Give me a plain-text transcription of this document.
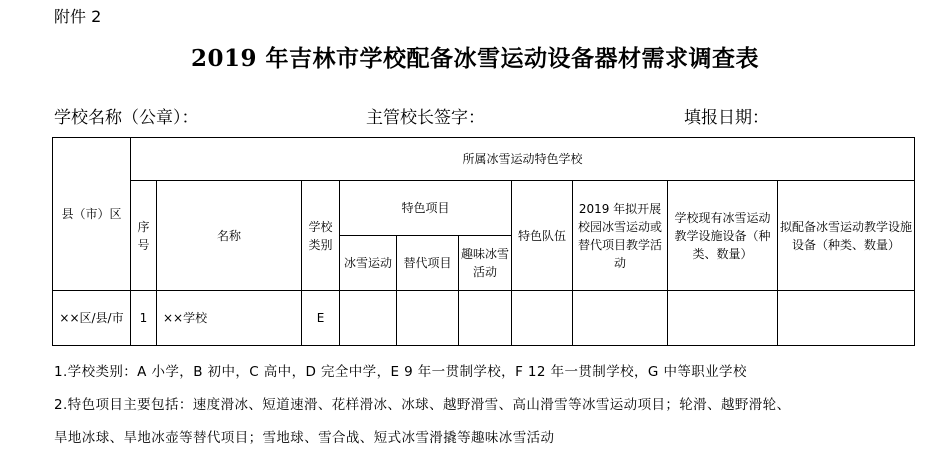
附件 2
2019 年吉林市学校配备冰雪运动设备器材需求调查表
学校名称（公章）：	主管校长签字：	填报日期：
县（市）区	所属冰雪运动特色学校									
	序号	名称	学校类别	特色项目			特色队伍	2019 年拟开展校园冰雪运动或替代项目教学活动	学校现有冰雪运动教学设施设备（种类、数量）	拟配备冰雪运动教学设施设备（种类、数量）
				冰雪运动	替代项目	趣味冰雪活动				
××区/县/市	1	××学校	E							
1.学校类别：A 小学，B 初中，C 高中，D 完全中学，E 9 年一贯制学校，F 12 年一贯制学校，G 中等职业学校
2.特色项目主要包括：速度滑冰、短道速滑、花样滑冰、冰球、越野滑雪、高山滑雪等冰雪运动项目；轮滑、越野滑轮、
旱地冰球、旱地冰壶等替代项目；雪地球、雪合战、短式冰雪滑撬等趣味冰雪活动
